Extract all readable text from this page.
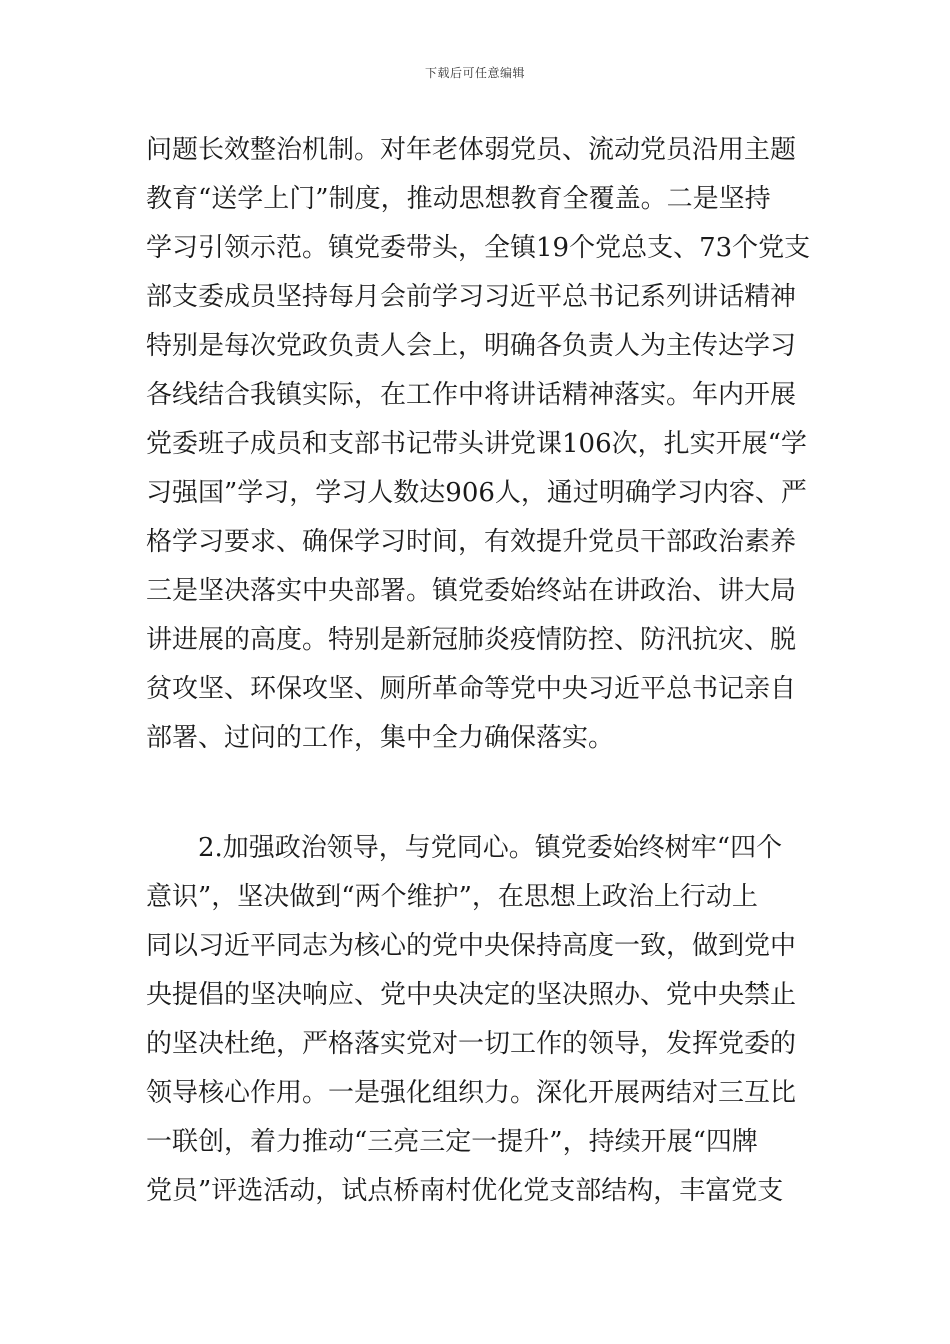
下载后可任意编辑
问题长效整治机制。对年老体弱党员、流动党员沿用主题
教育“送学上门”制度，推动思想教育全覆盖。二是坚持
学习引领示范。镇党委带头，全镇19个党总支、73个党支
部支委成员坚持每月会前学习习近平总书记系列讲话精神
特别是每次党政负责人会上，明确各负责人为主传达学习
各线结合我镇实际，在工作中将讲话精神落实。年内开展
党委班子成员和支部书记带头讲党课106次，扎实开展“学
习强国”学习，学习人数达906人，通过明确学习内容、严
格学习要求、确保学习时间，有效提升党员干部政治素养
三是坚决落实中央部署。镇党委始终站在讲政治、讲大局
讲进展的高度。特别是新冠肺炎疫情防控、防汛抗灾、脱
贫攻坚、环保攻坚、厕所革命等党中央习近平总书记亲自
部署、过问的工作，集中全力确保落实。
2.加强政治领导，与党同心。镇党委始终树牢“四个
意识”，坚决做到“两个维护”，在思想上政治上行动上
同以习近平同志为核心的党中央保持高度一致，做到党中
央提倡的坚决响应、党中央决定的坚决照办、党中央禁止
的坚决杜绝，严格落实党对一切工作的领导，发挥党委的
领导核心作用。一是强化组织力。深化开展两结对三互比
一联创，着力推动“三亮三定一提升”，持续开展“四牌
党员”评选活动，试点桥南村优化党支部结构，丰富党支
